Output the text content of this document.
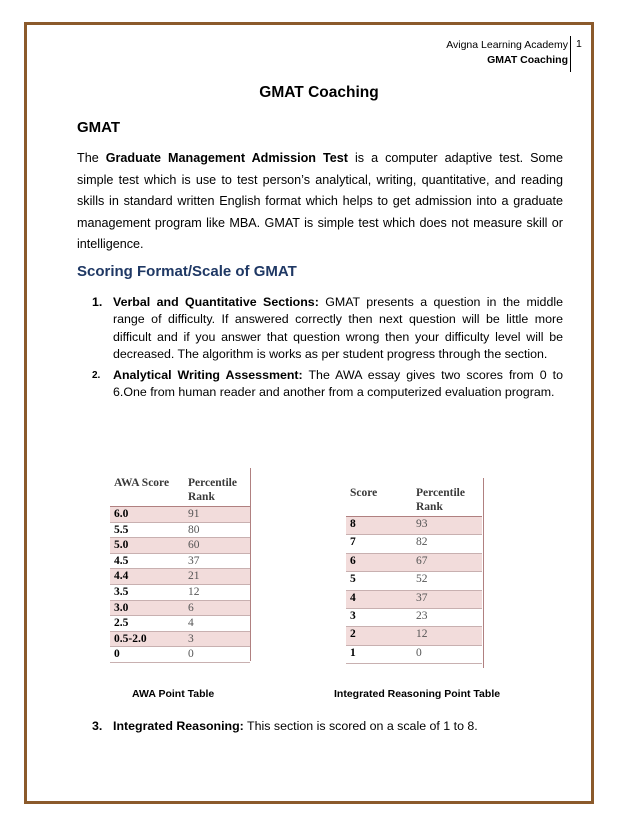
Avigna Learning Academy
GMAT Coaching
1
GMAT Coaching
GMAT
The Graduate Management Admission Test is a computer adaptive test. Some simple test which is use to test person’s analytical, writing, quantitative, and reading skills in standard written English format which helps to get admission into a graduate management program like MBA. GMAT is simple test which does not measure skill or intelligence.
Scoring Format/Scale of GMAT
1. Verbal and Quantitative Sections: GMAT presents a question in the middle range of difficulty. If answered correctly then next question will be little more difficult and if you answer that question wrong then your difficulty level will be decreased. The algorithm is works as per student progress through the section.
2. Analytical Writing Assessment: The AWA essay gives two scores from 0 to 6.One from human reader and another from a computerized evaluation program.
AWA Score	Percentile Rank
6.0	91
5.5	80
5.0	60
4.5	37
4.4	21
3.5	12
3.0	6
2.5	4
0.5-2.0	3
0	0
Score	Percentile Rank
8	93
7	82
6	67
5	52
4	37
3	23
2	12
1	0
AWA Point Table	Integrated Reasoning Point Table
3. Integrated Reasoning: This section is scored on a scale of 1 to 8.
